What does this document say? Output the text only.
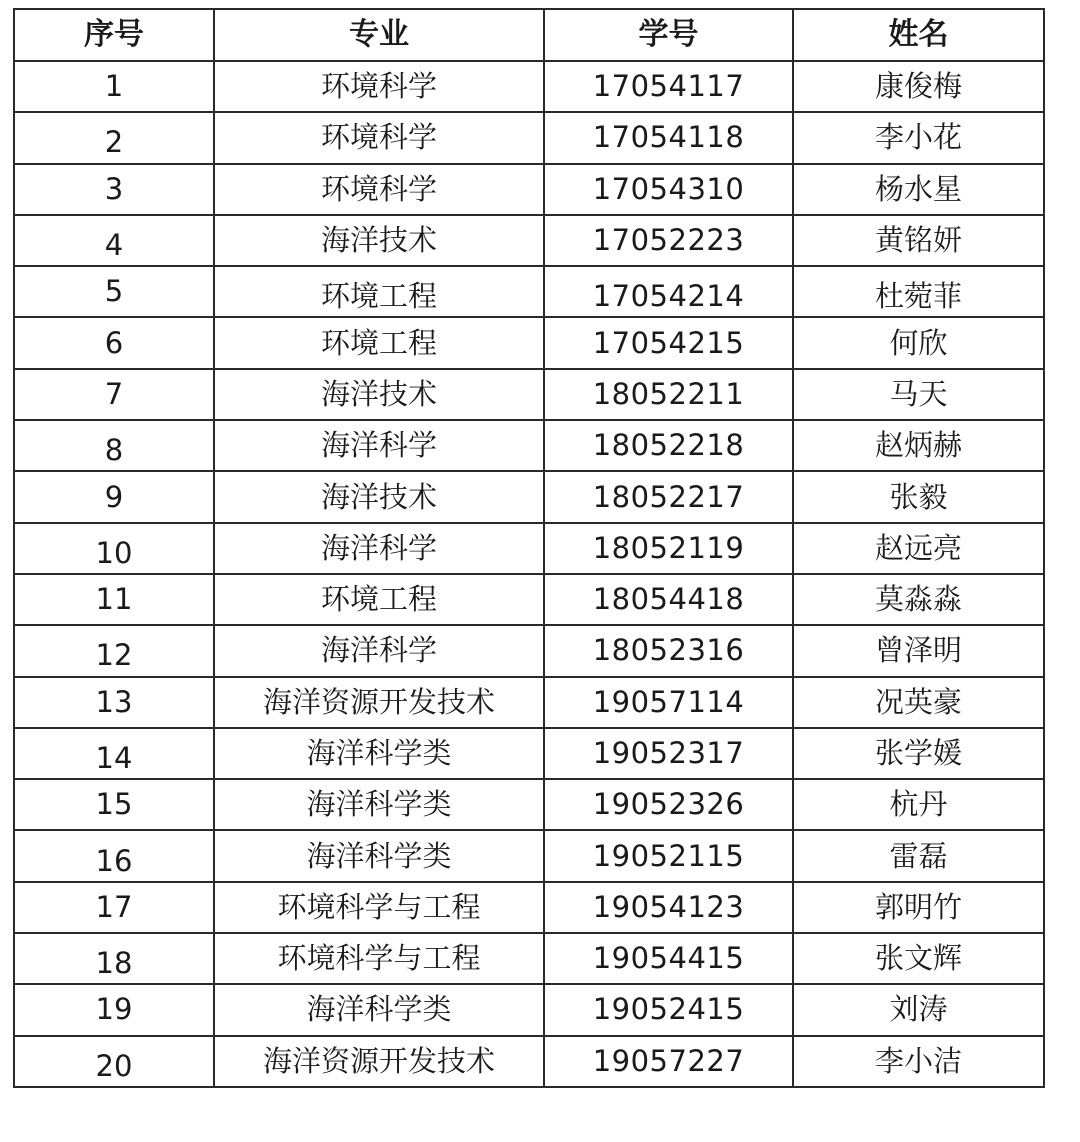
序号	专业	学号	姓名
1	环境科学	17054117	康俊梅
2	环境科学	17054118	李小花
3	环境科学	17054310	杨水星
4	海洋技术	17052223	黄铭妍
5	环境工程	17054214	杜菀菲
6	环境工程	17054215	何欣
7	海洋技术	18052211	马天
8	海洋科学	18052218	赵炳赫
9	海洋技术	18052217	张毅
10	海洋科学	18052119	赵远亮
11	环境工程	18054418	莫淼淼
12	海洋科学	18052316	曾泽明
13	海洋资源开发技术	19057114	况英豪
14	海洋科学类	19052317	张学媛
15	海洋科学类	19052326	杭丹
16	海洋科学类	19052115	雷磊
17	环境科学与工程	19054123	郭明竹
18	环境科学与工程	19054415	张文辉
19	海洋科学类	19052415	刘涛
20	海洋资源开发技术	19057227	李小洁
